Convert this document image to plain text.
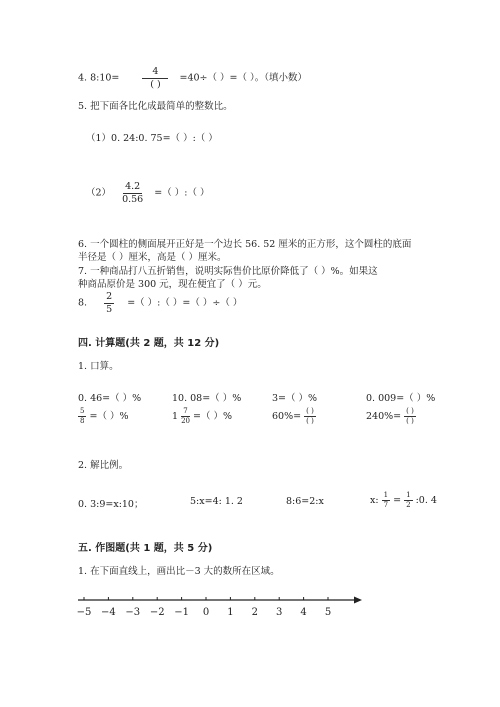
4. 8:10= $\frac{4}{( )} =40\div$（ ）=（ ）。（填小数）
5. 把下面各比化成最简单的整数比。
（1）0. 24:0. 75=（ ）:（ ）
$(2) \frac{4.2}{0.56}$ =（ ）:（ ）
6. 一个圆柱的侧面展开正好是一个边长 56. 52 厘米的正方形，这个圆柱的底面
半径是（ ）厘米，高是（ ）厘米。
7. 一种商品打八五折销售，说明实际售价比原价降低了（ ）%。如果这
种商品原价是 300 元，现在便宜了（ ）元。
8. $\frac{2}{5}$ =（ ）:（ ）=（ ）÷（ ）
四. 计算题(共 2 题，共 12 分)
1. 口算。
0. 46=（ ）%	10. 08=（ ）%	3=（ ）%	0. 009=（ ）%
$\frac{5}{8}$ =（ ）%	$1 \frac{7}{20}$ =（ ）%	$60\%= \frac{( )}{( )}$	$240\%= \frac{( )}{( )}$
2. 解比例。
0. 3:9=x:10；	5:x=4: 1. 2	8:6=2:x	x: $\frac{1}{7} = \frac{1}{2}$ :0. 4
五. 作图题(共 1 题，共 5 分)
1. 在下面直线上，画出比－3 大的数所在区域。
−5 −4 −3 −2 −1 0 1 2 3 4 5
